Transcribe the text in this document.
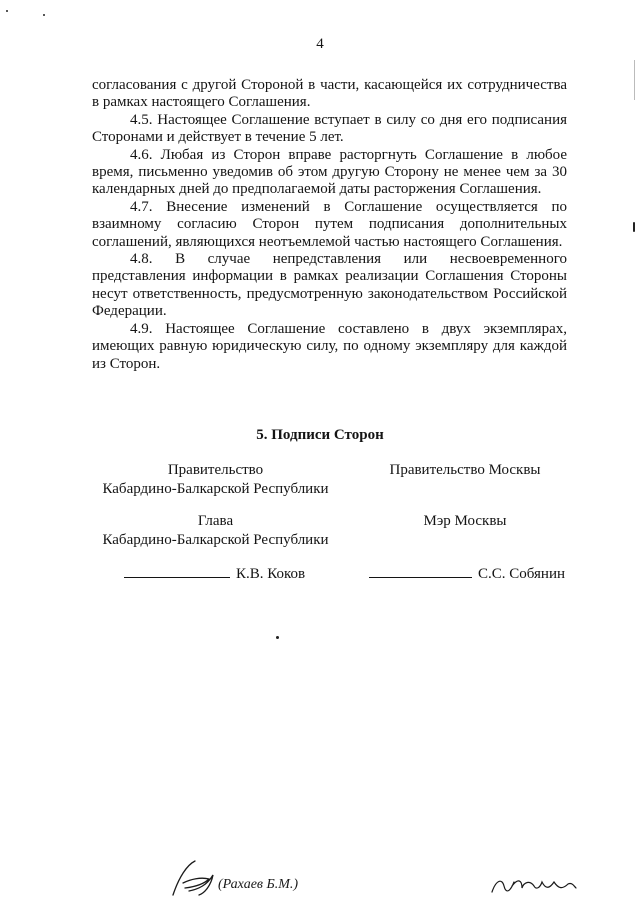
4

согласования с другой Стороной в части, касающейся их сотрудничества в рамках настоящего Соглашения.

4.5. Настоящее Соглашение вступает в силу со дня его подписания Сторонами и действует в течение 5 лет.

4.6. Любая из Сторон вправе расторгнуть Соглашение в любое время, письменно уведомив об этом другую Сторону не менее чем за 30 календарных дней до предполагаемой даты расторжения Соглашения.

4.7. Внесение изменений в Соглашение осуществляется по взаимному согласию Сторон путем подписания дополнительных соглашений, являющихся неотъемлемой частью настоящего Соглашения.

4.8. В случае непредставления или несвоевременного представления информации в рамках реализации Соглашения Стороны несут ответственность, предусмотренную законодательством Российской Федерации.

4.9. Настоящее Соглашение составлено в двух экземплярах, имеющих равную юридическую силу, по одному экземпляру для каждой из Сторон.

5. Подписи Сторон
Правительство
Кабардино-Балкарской Республики
Правительство Москвы
Глава
Кабардино-Балкарской Республики
Мэр Москвы
К.В. Коков	С.С. Собянин
(Рахаев Б.М.)
